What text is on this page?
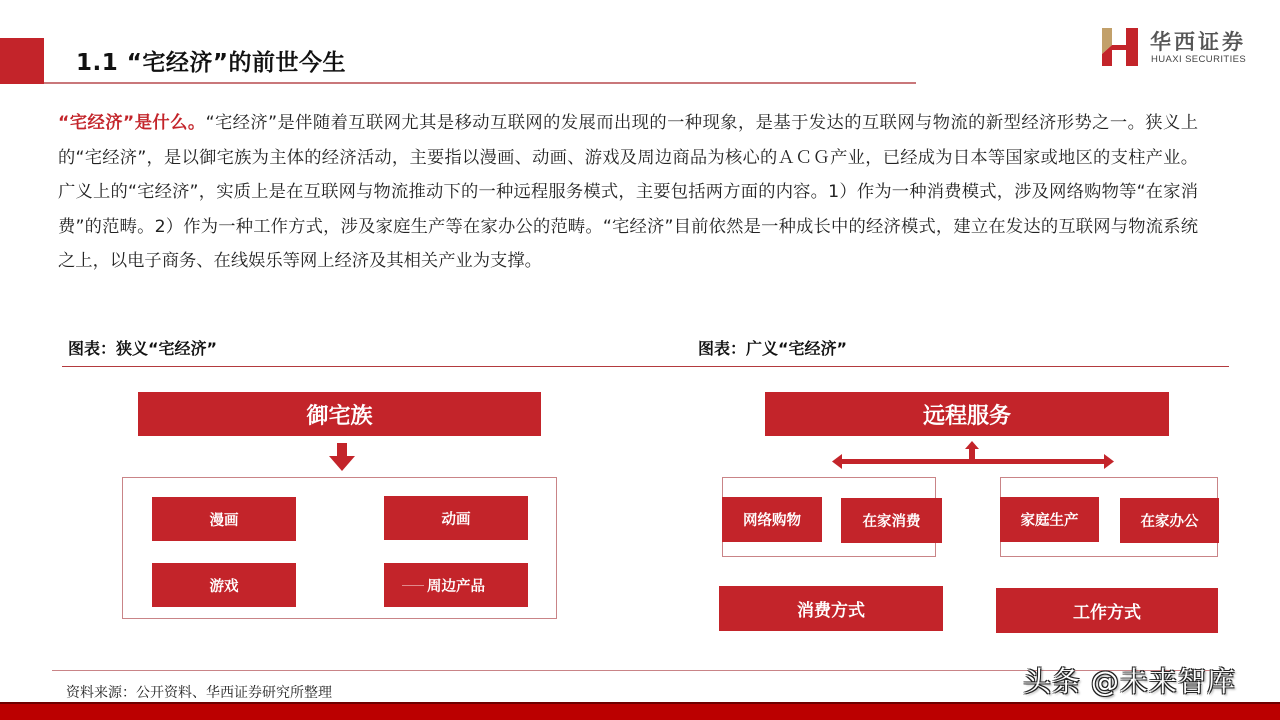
1.1 “宅经济”的前世今生
华西证券
HUAXI SECURITIES
“宅经济”是什么。“宅经济”是伴随着互联网尤其是移动互联网的发展而出现的一种现象，是基于发达的互联网与物流的新型经济形势之一。狭义上的“宅经济”，是以御宅族为主体的经济活动，主要指以漫画、动画、游戏及周边商品为核心的ＡＣＧ产业，已经成为日本等国家或地区的支柱产业。广义上的“宅经济”，实质上是在互联网与物流推动下的一种远程服务模式，主要包括两方面的内容。1）作为一种消费模式，涉及网络购物等“在家消费”的范畴。2）作为一种工作方式，涉及家庭生产等在家办公的范畴。“宅经济”目前依然是一种成长中的经济模式，建立在发达的互联网与物流系统之上，以电子商务、在线娱乐等网上经济及其相关产业为支撑。
图表：狭义“宅经济”	图表：广义“宅经济”
御宅族
漫画	动画
游戏	周边产品
远程服务
网络购物	在家消费	家庭生产	在家办公
消费方式	工作方式
资料来源：公开资料、华西证券研究所整理	头条 @未来智库
